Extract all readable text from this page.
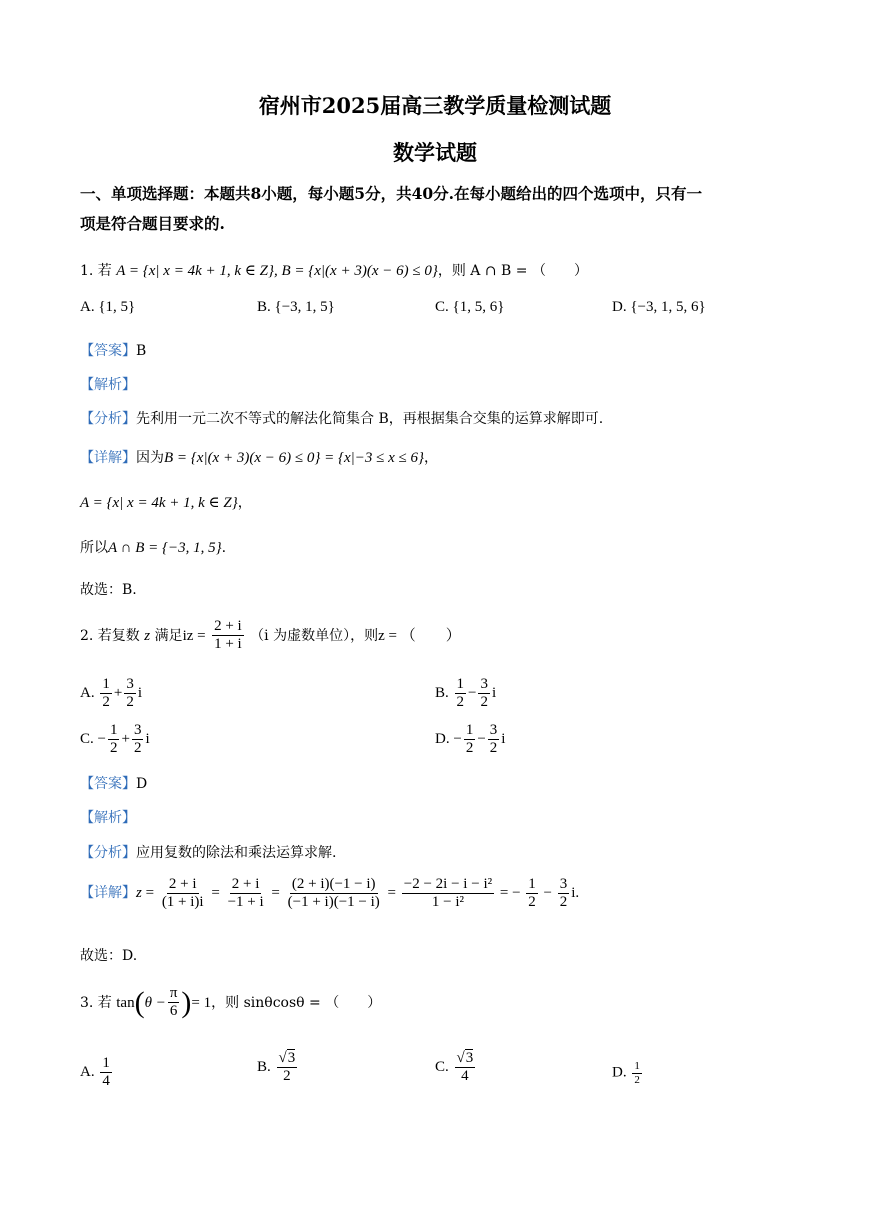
宿州市2025届高三教学质量检测试题
数学试题
一、单项选择题：本题共8小题，每小题5分，共40分.在每小题给出的四个选项中，只有一
项是符合题目要求的.
1. 若 A = {x| x = 4k + 1, k ∈ Z}, B = {x|(x + 3)(x − 6) ≤ 0}，则 A ∩ B = （　　）
A. {1, 5}	B. {−3, 1, 5}	C. {1, 5, 6}	D. {−3, 1, 5, 6}
【答案】B
【解析】
【分析】先利用一元二次不等式的解法化简集合 B，再根据集合交集的运算求解即可.
【详解】因为B = {x|(x + 3)(x − 6) ≤ 0} = {x|−3 ≤ x ≤ 6}，
A = {x| x = 4k + 1, k ∈ Z}，
所以A ∩ B = {−3, 1, 5}.
故选：B.
2. 若复数 z 满足iz = $\frac{2 + i}{1 + i} (i$ 为虚数单位），则z = （　　）
A. $\frac{1}{2} + \frac{3}{2}$ i	B. $\frac{1}{2} - \frac{3}{2}$ i
C. − $\frac{1}{2} + \frac{3}{2}$ i	D. − $\frac{1}{2} - \frac{3}{2}$ i
【答案】D
【解析】
【分析】应用复数的除法和乘法运算求解.
【详解】$z = \frac{2 + i}{(1 + i)i} = \frac{2 + i}{-1 + i} = \frac{(2 + i)(-1 - i)}{(-1 + i)(-1 - i)} = \frac{\text{−2 − 2i − i − i²}}{\text{1 − i²}}$ = − $\frac{1}{2} - \frac{3}{2} i$.
故选：D.
3. 若 $\tan(\theta - \frac{\pi}{6}$ )= 1，则 sinθcosθ = （　　）
A. $\frac{1}{4}$	B. $\frac{√3}{2}$	C. $\frac{√3}{4}$	D. $\frac{1}{2}$
